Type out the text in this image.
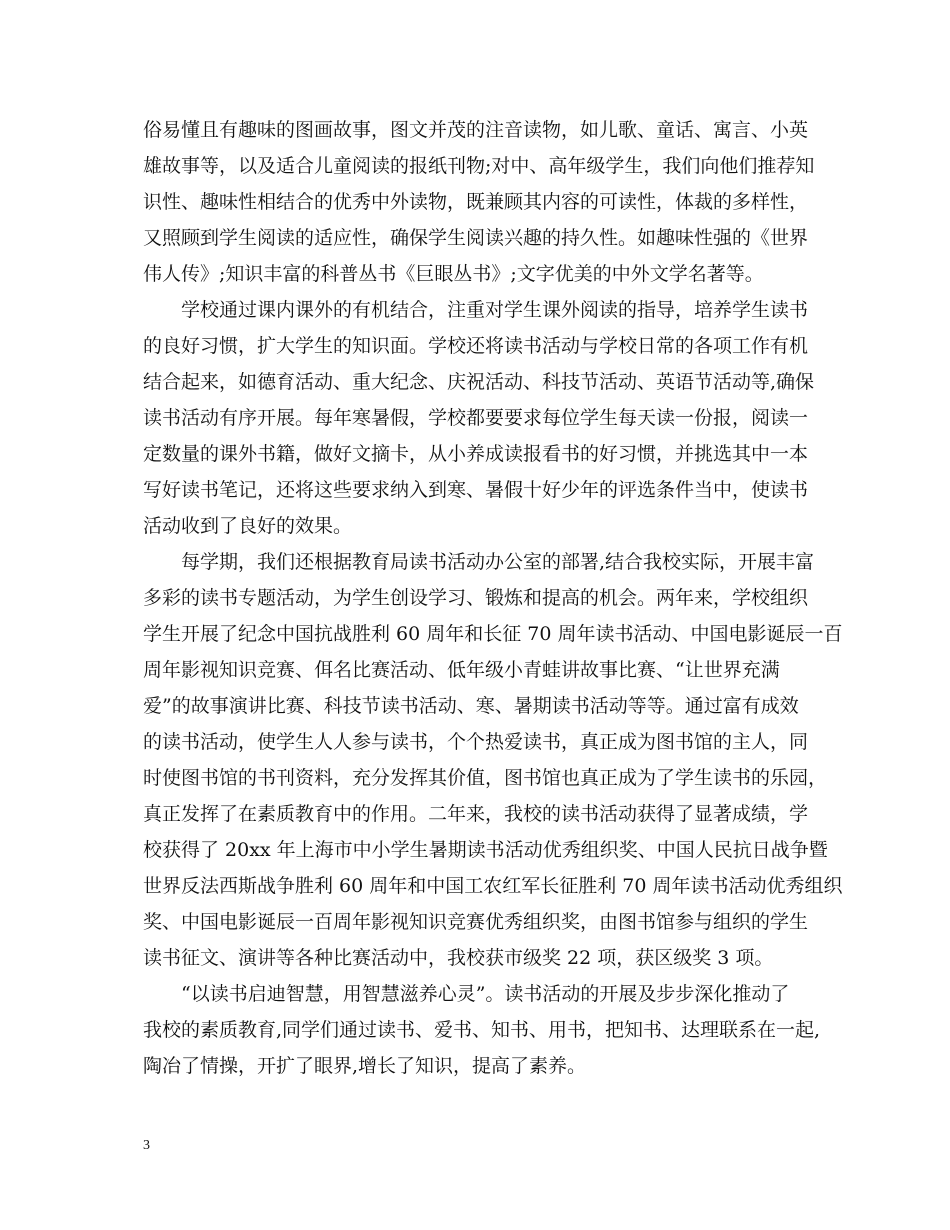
俗易懂且有趣味的图画故事，图文并茂的注音读物，如儿歌、童话、寓言、小英
雄故事等，以及适合儿童阅读的报纸刊物;对中、高年级学生，我们向他们推荐知
识性、趣味性相结合的优秀中外读物，既兼顾其内容的可读性，体裁的多样性，
又照顾到学生阅读的适应性，确保学生阅读兴趣的持久性。如趣味性强的《世界
伟人传》;知识丰富的科普丛书《巨眼丛书》;文字优美的中外文学名著等。
学校通过课内课外的有机结合，注重对学生课外阅读的指导，培养学生读书
的良好习惯，扩大学生的知识面。学校还将读书活动与学校日常的各项工作有机
结合起来，如德育活动、重大纪念、庆祝活动、科技节活动、英语节活动等,确保
读书活动有序开展。每年寒暑假，学校都要要求每位学生每天读一份报，阅读一
定数量的课外书籍，做好文摘卡，从小养成读报看书的好习惯，并挑选其中一本
写好读书笔记，还将这些要求纳入到寒、暑假十好少年的评选条件当中，使读书
活动收到了良好的效果。
每学期，我们还根据教育局读书活动办公室的部署,结合我校实际，开展丰富
多彩的读书专题活动，为学生创设学习、锻炼和提高的机会。两年来，学校组织
学生开展了纪念中国抗战胜利 60 周年和长征 70 周年读书活动、中国电影诞辰一百
周年影视知识竞赛、佴名比赛活动、低年级小青蛙讲故事比赛、“让世界充满
爱”的故事演讲比赛、科技节读书活动、寒、暑期读书活动等等。通过富有成效
的读书活动，使学生人人参与读书，个个热爱读书，真正成为图书馆的主人，同
时使图书馆的书刊资料，充分发挥其价值，图书馆也真正成为了学生读书的乐园，
真正发挥了在素质教育中的作用。二年来，我校的读书活动获得了显著成绩，学
校获得了 20xx 年上海市中小学生暑期读书活动优秀组织奖、中国人民抗日战争暨
世界反法西斯战争胜利 60 周年和中国工农红军长征胜利 70 周年读书活动优秀组织
奖、中国电影诞辰一百周年影视知识竞赛优秀组织奖，由图书馆参与组织的学生
读书征文、演讲等各种比赛活动中，我校获市级奖 22 项，获区级奖 3 项。
“以读书启迪智慧，用智慧滋养心灵”。读书活动的开展及步步深化推动了
我校的素质教育,同学们通过读书、爱书、知书、用书，把知书、达理联系在一起,
陶冶了情操，开扩了眼界,增长了知识，提高了素养。
3
